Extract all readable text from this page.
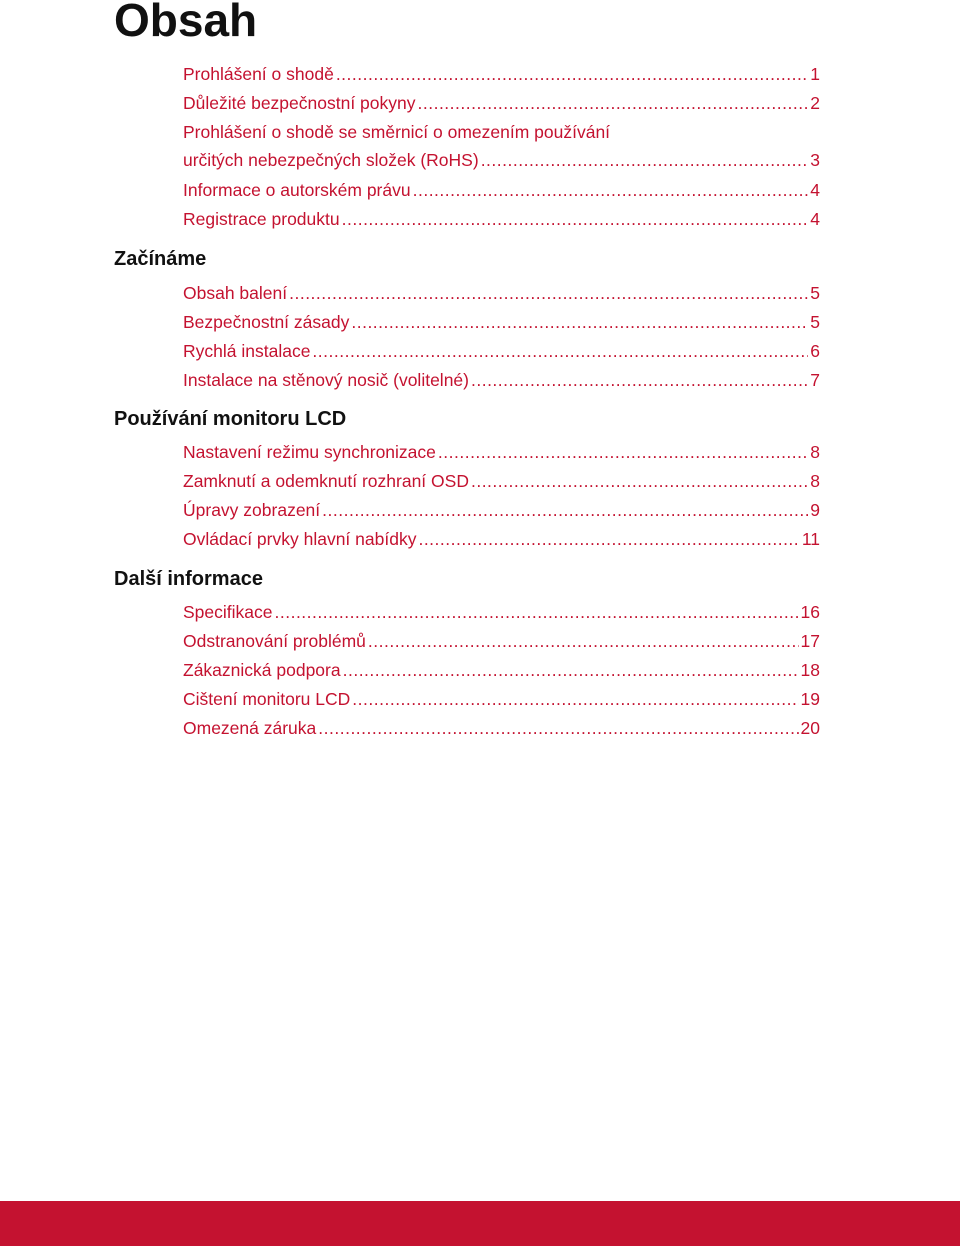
Obsah
Prohlášení o shodě .....	1
Důležité bezpečnostní pokyny .....	2
Prohlášení o shodě se směrnicí o omezením používání
určitých nebezpečných složek (RoHS) .....	3
Informace o autorském právu .....	4
Registrace produktu .....	4
Začínáme
Obsah balení .....	5
Bezpečnostní zásady .....	5
Rychlá instalace .....	6
Instalace na stěnový nosič (volitelné) .....	7
Používání monitoru LCD
Nastavení režimu synchronizace .....	8
Zamknutí a odemknutí rozhraní OSD .....	8
Úpravy zobrazení .....	9
Ovládací prvky hlavní nabídky .....	11
Další informace
Specifikace .....	16
Odstranování problémů .....	17
Zákaznická podpora .....	18
Cištení monitoru LCD .....	19
Omezená záruka .....	20
